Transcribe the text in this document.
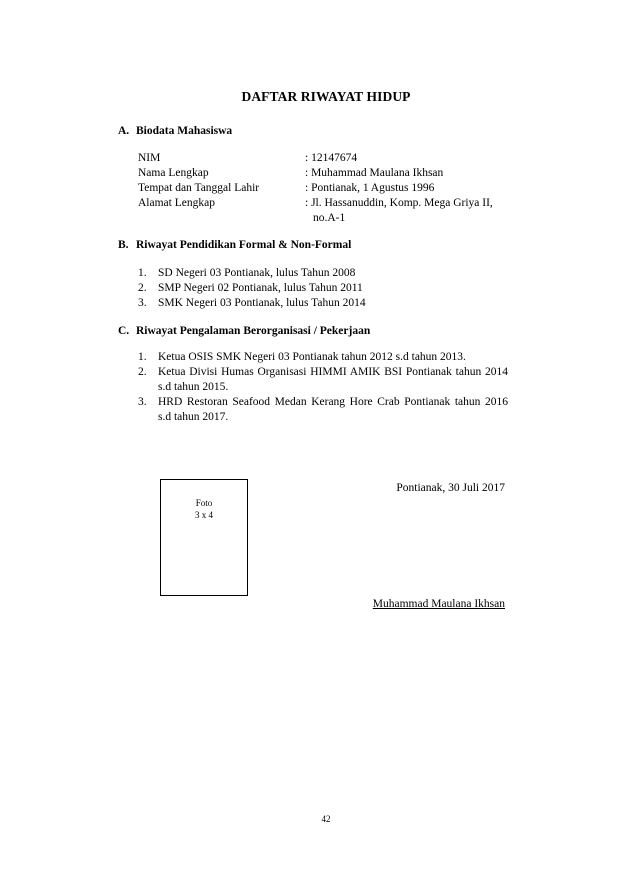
DAFTAR RIWAYAT HIDUP
A. Biodata Mahasiswa
NIM	: 12147674
Nama Lengkap	: Muhammad Maulana Ikhsan
Tempat dan Tanggal Lahir	: Pontianak, 1 Agustus 1996
Alamat Lengkap	: Jl. Hassanuddin, Komp. Mega Griya II,
no.A-1
B. Riwayat Pendidikan Formal & Non-Formal
1. SD Negeri 03 Pontianak, lulus Tahun 2008
2. SMP Negeri 02 Pontianak, lulus Tahun 2011
3. SMK Negeri 03 Pontianak, lulus Tahun 2014
C. Riwayat Pengalaman Berorganisasi / Pekerjaan
1. Ketua OSIS SMK Negeri 03 Pontianak tahun 2012 s.d tahun 2013.
2. Ketua Divisi Humas Organisasi HIMMI AMIK BSI Pontianak tahun 2014 s.d tahun 2015.
3. HRD Restoran Seafood Medan Kerang Hore Crab Pontianak tahun 2016 s.d tahun 2017.
Foto
3 x 4
Pontianak, 30 Juli 2017
Muhammad Maulana Ikhsan
42
